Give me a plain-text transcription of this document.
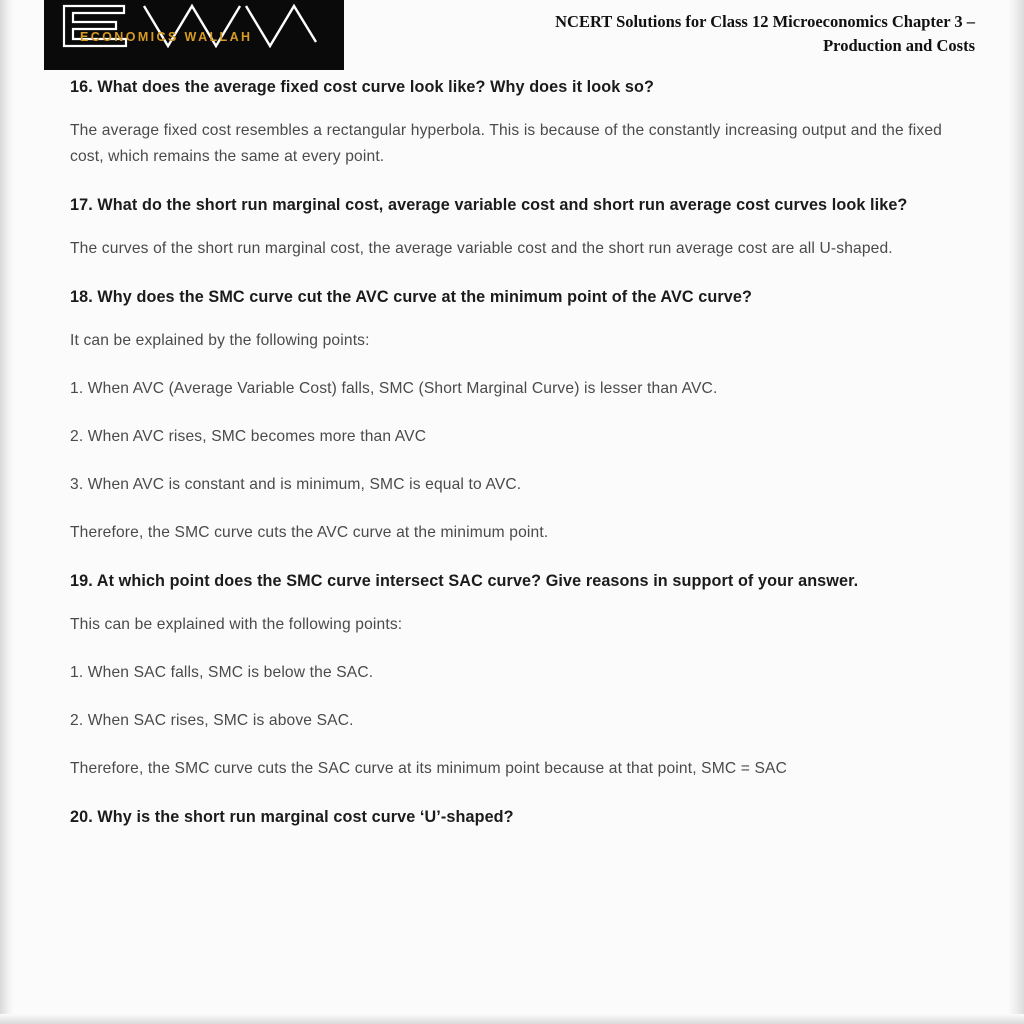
ECONOMICS WALLAH
NCERT Solutions for Class 12 Microeconomics Chapter 3 –
Production and Costs

16. What does the average fixed cost curve look like? Why does it look so?

The average fixed cost resembles a rectangular hyperbola. This is because of the constantly increasing output and the fixed cost, which remains the same at every point.

17. What do the short run marginal cost, average variable cost and short run average cost curves look like?

The curves of the short run marginal cost, the average variable cost and the short run average cost are all U-shaped.

18. Why does the SMC curve cut the AVC curve at the minimum point of the AVC curve?

It can be explained by the following points:

1. When AVC (Average Variable Cost) falls, SMC (Short Marginal Curve) is lesser than AVC.

2. When AVC rises, SMC becomes more than AVC

3. When AVC is constant and is minimum, SMC is equal to AVC.

Therefore, the SMC curve cuts the AVC curve at the minimum point.

19. At which point does the SMC curve intersect SAC curve? Give reasons in support of your answer.

This can be explained with the following points:

1. When SAC falls, SMC is below the SAC.

2. When SAC rises, SMC is above SAC.

Therefore, the SMC curve cuts the SAC curve at its minimum point because at that point, SMC = SAC

20. Why is the short run marginal cost curve ‘U’-shaped?
